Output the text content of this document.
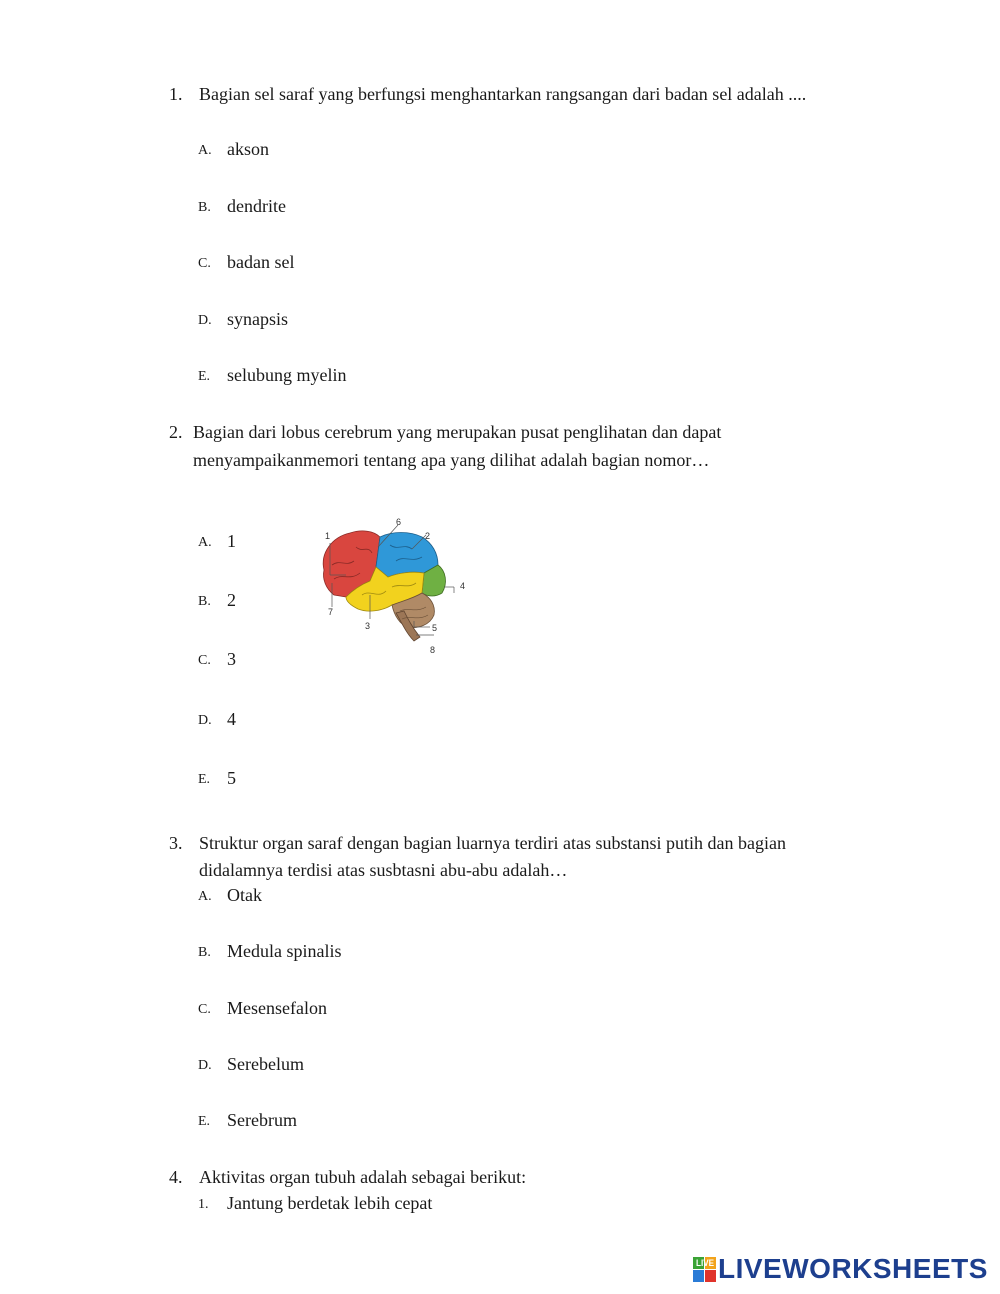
1. Bagian sel saraf yang berfungsi menghantarkan rangsangan dari badan sel adalah ....
A. akson
B. dendrite
C. badan sel
D. synapsis
E. selubung myelin
2. Bagian dari lobus cerebrum yang merupakan pusat penglihatan dan dapat
menyampaikanmemori tentang apa yang dilihat adalah bagian nomor…
A. 1
B. 2
C. 3
D. 4
E. 5
1	2
3
4
5
6
7
8
3. Struktur organ saraf dengan bagian luarnya terdiri atas substansi putih dan bagian
didalamnya terdisi atas susbtasni abu-abu adalah…
A. Otak
B. Medula spinalis
C. Mesensefalon
D. Serebelum
E. Serebrum
4. Aktivitas organ tubuh adalah sebagai berikut:
1. Jantung berdetak lebih cepat
LIVE LIVEWORKSHEETS
